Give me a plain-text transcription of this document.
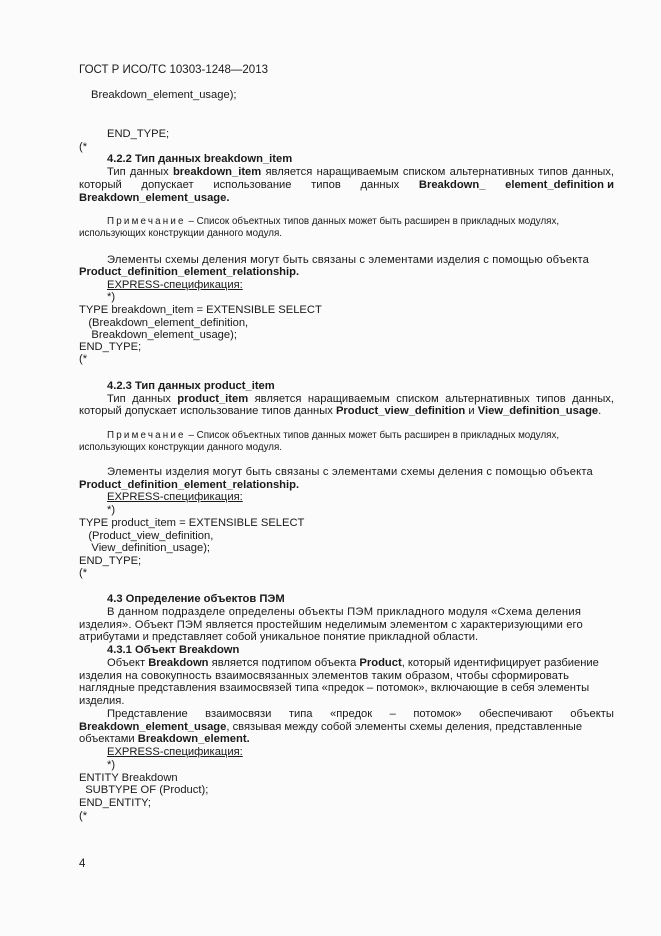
ГОСТ Р ИСО/ТС 10303-1248—2013
Breakdown_element_usage);
END_TYPE;
(*
4.2.2 Тип данных breakdown_item
Тип данных breakdown_item является наращиваемым списком альтернативных типов данных,
который допускает использование типов данных Breakdown_ element_definition и
Breakdown_element_usage.
Примечание – Список объектных типов данных может быть расширен в прикладных модулях,
использующих конструкции данного модуля.
Элементы схемы деления могут быть связаны с элементами изделия с помощью объекта
Product_definition_element_relationship.
EXPRESS-спецификация:
*)
TYPE breakdown_item = EXTENSIBLE SELECT
(Breakdown_element_definition,
Breakdown_element_usage);
END_TYPE;
(*
4.2.3 Тип данных product_item
Тип данных product_item является наращиваемым списком альтернативных типов данных,
который допускает использование типов данных Product_view_definition и View_definition_usage.
Примечание – Список объектных типов данных может быть расширен в прикладных модулях,
использующих конструкции данного модуля.
Элементы изделия могут быть связаны с элементами схемы деления с помощью объекта
Product_definition_element_relationship.
EXPRESS-спецификация:
*)
TYPE product_item = EXTENSIBLE SELECT
(Product_view_definition,
View_definition_usage);
END_TYPE;
(*
4.3 Определение объектов ПЭМ
В данном подразделе определены объекты ПЭМ прикладного модуля «Схема деления
изделия». Объект ПЭМ является простейшим неделимым элементом с характеризующими его
атрибутами и представляет собой уникальное понятие прикладной области.
4.3.1 Объект Breakdown
Объект Breakdown является подтипом объекта Product, который идентифицирует разбиение
изделия на совокупность взаимосвязанных элементов таким образом, чтобы сформировать
наглядные представления взаимосвязей типа «предок – потомок», включающие в себя элементы
изделия.
Представление взаимосвязи типа «предок – потомок» обеспечивают объекты
Breakdown_element_usage, связывая между собой элементы схемы деления, представленные
объектами Breakdown_element.
EXPRESS-спецификация:
*)
ENTITY Breakdown
SUBTYPE OF (Product);
END_ENTITY;
(*
4
